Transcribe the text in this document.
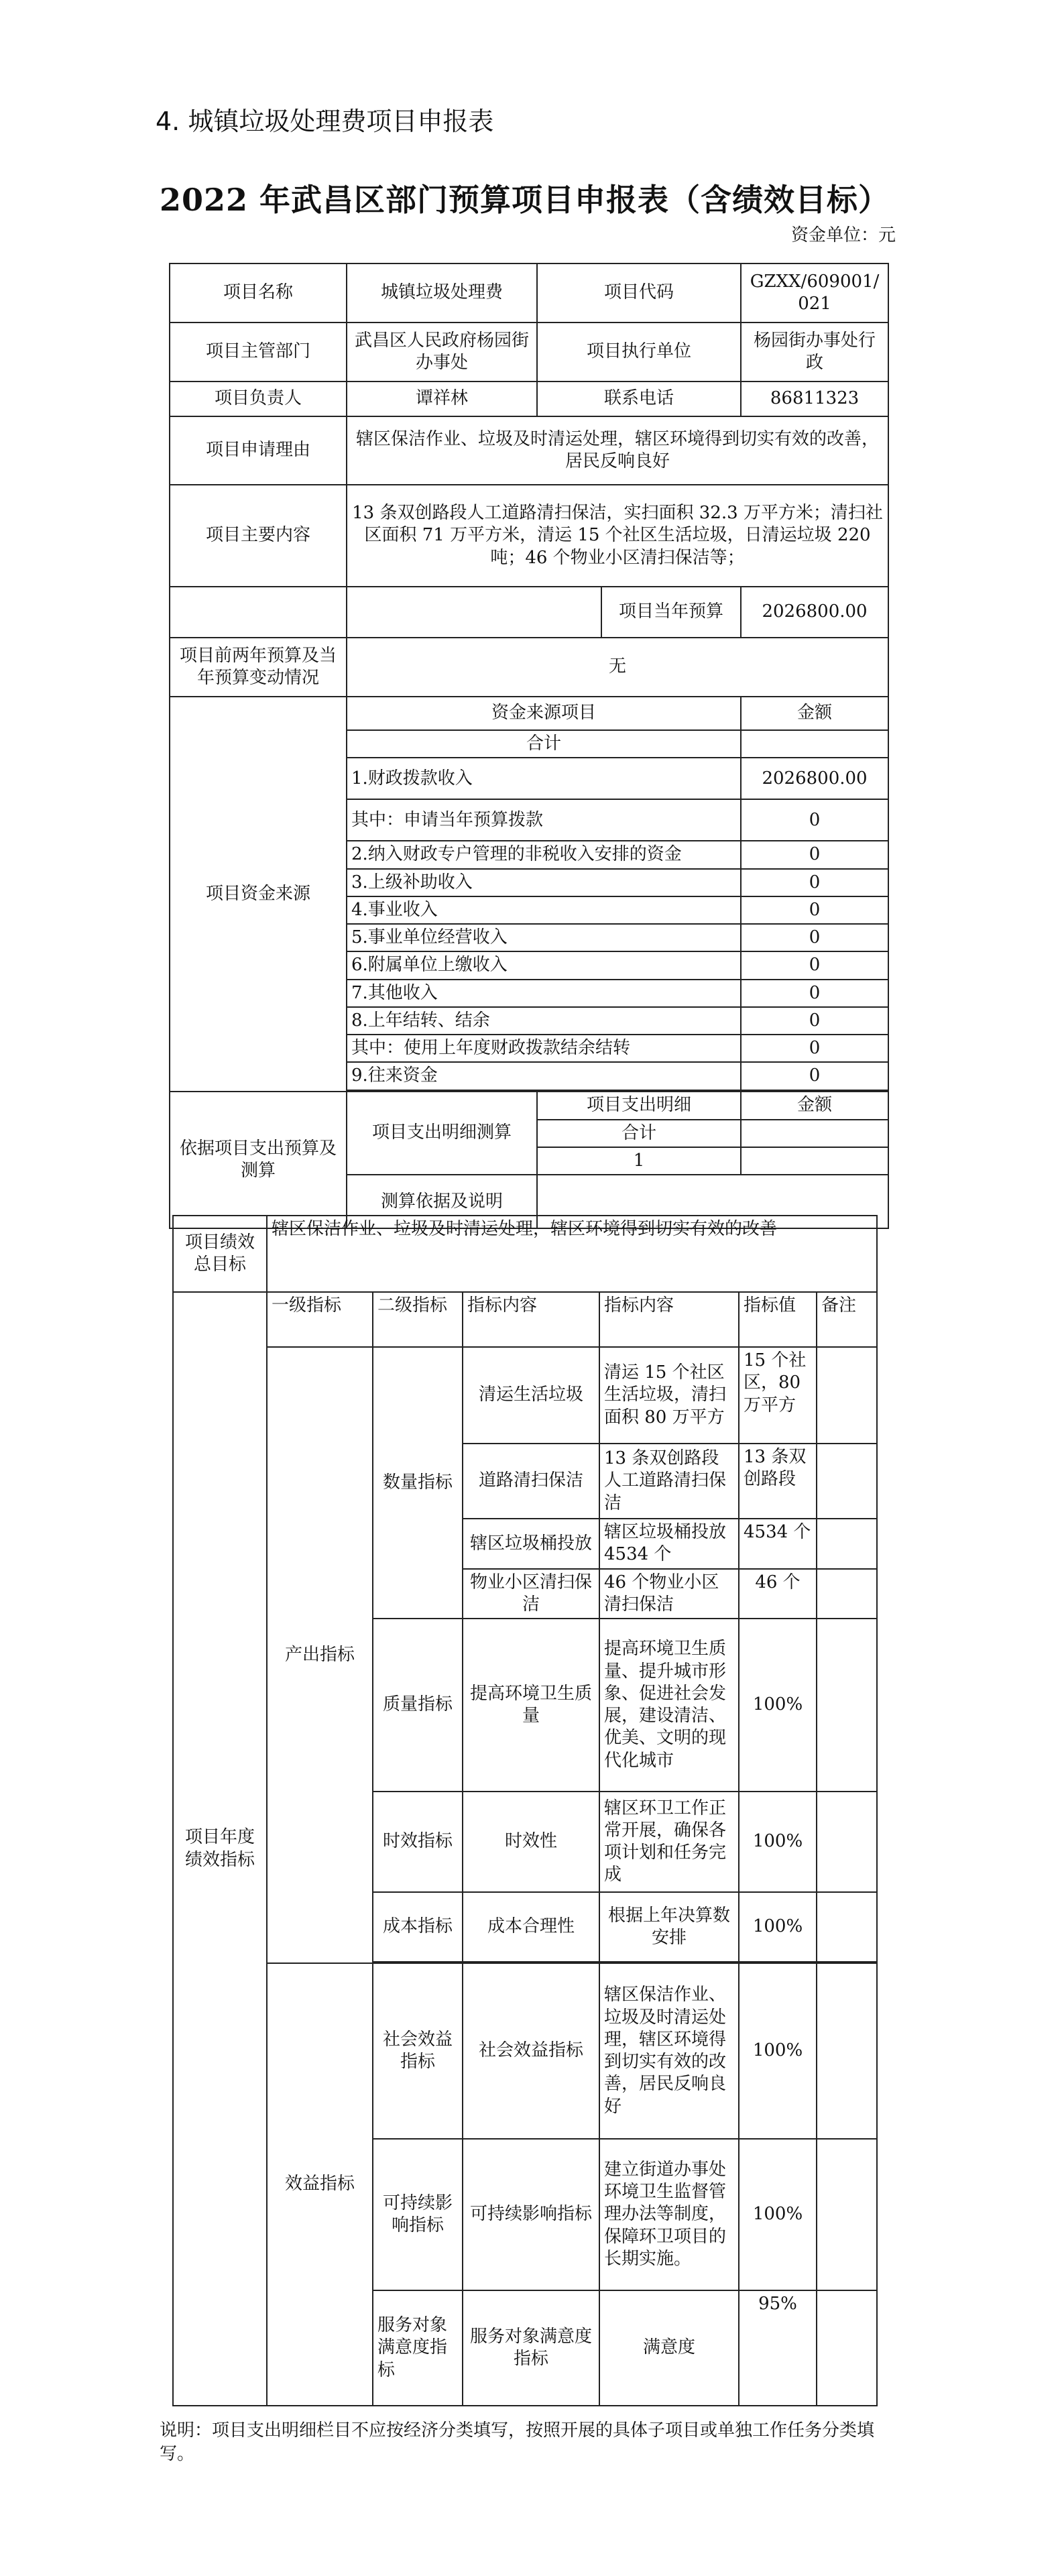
4. 城镇垃圾处理费项目申报表
2022 年武昌区部门预算项目申报表（含绩效目标）
资金单位：元
项目名称	城镇垃圾处理费	项目代码		GZXX/609001/021
项目主管部门	武昌区人民政府杨园街办事处	项目执行单位		杨园街办事处行政
项目负责人	谭祥林	联系电话		86811323
项目申请理由	辖区保洁作业、垃圾及时清运处理，辖区环境得到切实有效的改善，居民反响良好			
项目主要内容	13 条双创路段人工道路清扫保洁，实扫面积 32.3 万平方米；清扫社区面积 71 万平方米，清运 15 个社区生活垃圾，日清运垃圾 220 吨；46 个物业小区清扫保洁等；			
			项目当年预算	2026800.00
项目前两年预算及当年预算变动情况	无			
项目资金来源	资金来源项目			金额
	合计			
	1.财政拨款收入			2026800.00
	其中：申请当年预算拨款			0
	2.纳入财政专户管理的非税收入安排的资金			0
	3.上级补助收入			0
	4.事业收入			0
	5.事业单位经营收入			0
	6.附属单位上缴收入			0
	7.其他收入			0
	8.上年结转、结余			0
	其中：使用上年度财政拨款结余结转			0
	9.往来资金			0

依据项目支出预算及测算	项目支出明细测算	项目支出明细		金额
		合计		
		1		
	测算依据及说明			
项目绩效总目标	辖区保洁作业、垃圾及时清运处理，辖区环境得到切实有效的改善					
项目年度绩效指标	一级指标	二级指标	指标内容	指标内容	指标值	备注
	产出指标	数量指标	清运生活垃圾	清运 15 个社区生活垃圾，清扫面积 80 万平方	15 个社区，80 万平方	
			道路清扫保洁	13 条双创路段人工道路清扫保洁	13 条双创路段	
			辖区垃圾桶投放	辖区垃圾桶投放 4534 个	4534 个	
			物业小区清扫保洁	46 个物业小区清扫保洁	46 个	
		质量指标	提高环境卫生质量	提高环境卫生质量、提升城市形象、促进社会发展，建设清洁、优美、文明的现代化城市	100%	
		时效指标	时效性	辖区环卫工作正常开展，确保各项计划和任务完成	100%	
		成本指标	成本合理性	根据上年决算数安排	100%	

	效益指标	社会效益指标	社会效益指标	辖区保洁作业、垃圾及时清运处理，辖区环境得到切实有效的改善，居民反响良好	100%	
		可持续影响指标	可持续影响指标	建立街道办事处环境卫生监督管理办法等制度，保障环卫项目的长期实施。	100%	
		服务对象满意度指标	服务对象满意度指标	满意度	95%	
说明：项目支出明细栏目不应按经济分类填写，按照开展的具体子项目或单独工作任务分类填写。
